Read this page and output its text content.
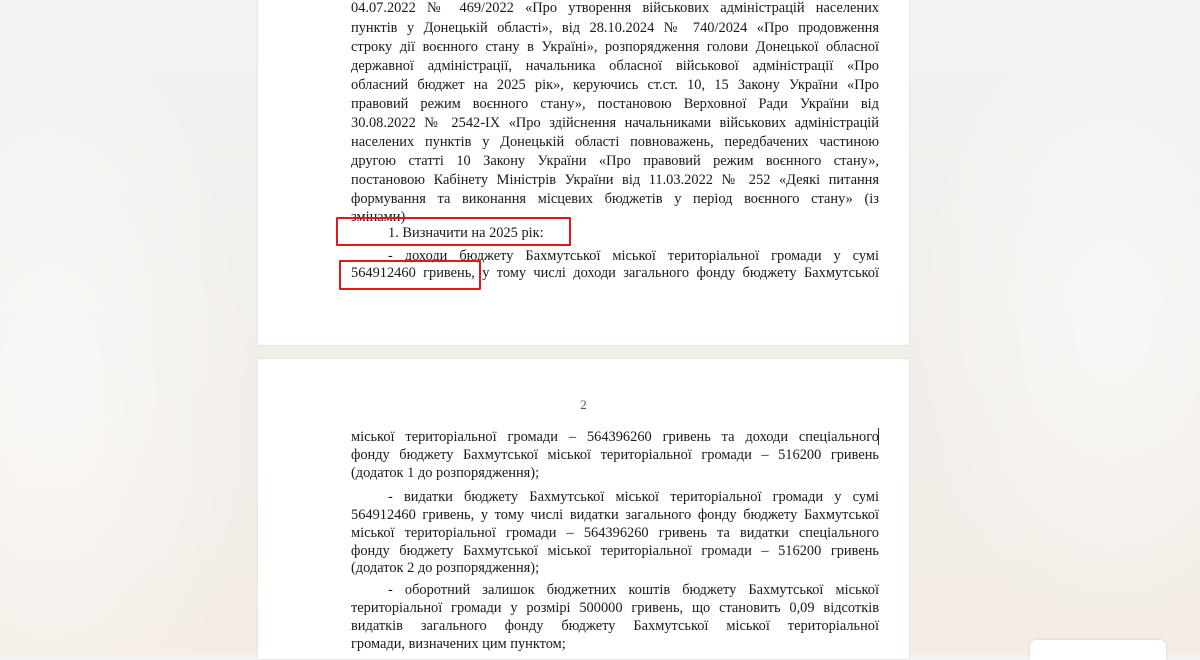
04.07.2022 № 469/2022 «Про утворення військових адміністрацій населених
пунктів у Донецькій області», від 28.10.2024 № 740/2024 «Про продовження
строку дії воєнного стану в Україні», розпорядження голови Донецької обласної
державної адміністрації, начальника обласної військової адміністрації «Про
обласний бюджет на 2025 рік», керуючись ст.ст. 10, 15 Закону України «Про
правовий режим воєнного стану», постановою Верховної Ради України від
30.08.2022 № 2542-IX «Про здійснення начальниками військових адміністрацій
населених пунктів у Донецькій області повноважень, передбачених частиною
другою статті 10 Закону України «Про правовий режим воєнного стану»,
постановою Кабінету Міністрів України від 11.03.2022 № 252 «Деякі питання
формування та виконання місцевих бюджетів у період воєнного стану» (із
змінами)
1. Визначити на 2025 рік:
- доходи бюджету Бахмутської міської територіальної громади у сумі
564912460 гривень, у тому числі доходи загального фонду бюджету Бахмутської
2
міської територіальної громади – 564396260 гривень та доходи спеціального
фонду бюджету Бахмутської міської територіальної громади – 516200 гривень
(додаток 1 до розпорядження);
- видатки бюджету Бахмутської міської територіальної громади у сумі
564912460 гривень, у тому числі видатки загального фонду бюджету Бахмутської
міської територіальної громади – 564396260 гривень та видатки спеціального
фонду бюджету Бахмутської міської територіальної громади – 516200 гривень
(додаток 2 до розпорядження);
- оборотний залишок бюджетних коштів бюджету Бахмутської міської
територіальної громади у розмірі 500000 гривень, що становить 0,09 відсотків
видатків загального фонду бюджету Бахмутської міської територіальної
громади, визначених цим пунктом;
